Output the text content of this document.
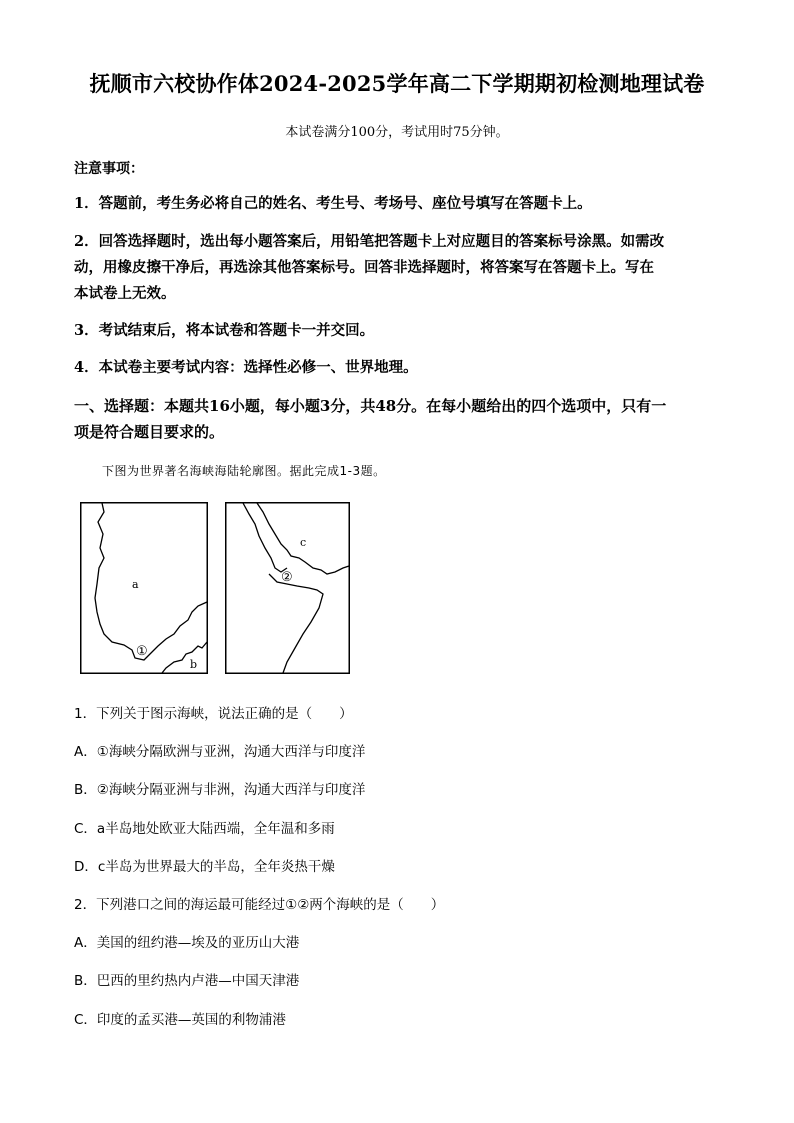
抚顺市六校协作体2024-2025学年高二下学期期初检测地理试卷
本试卷满分100分，考试用时75分钟。
注意事项：
1．答题前，考生务必将自己的姓名、考生号、考场号、座位号填写在答题卡上。
2．回答选择题时，选出每小题答案后，用铅笔把答题卡上对应题目的答案标号涂黑。如需改
动，用橡皮擦干净后，再选涂其他答案标号。回答非选择题时，将答案写在答题卡上。写在
本试卷上无效。
3．考试结束后，将本试卷和答题卡一并交回。
4．本试卷主要考试内容：选择性必修一、世界地理。
一、选择题：本题共16小题，每小题3分，共48分。在每小题给出的四个选项中，只有一
项是符合题目要求的。
下图为世界著名海峡海陆轮廓图。据此完成1-3题。
a
b
①
c
②
1．下列关于图示海峡，说法正确的是（　　）
A．①海峡分隔欧洲与亚洲，沟通大西洋与印度洋
B．②海峡分隔亚洲与非洲，沟通大西洋与印度洋
C．a半岛地处欧亚大陆西端，全年温和多雨
D．c半岛为世界最大的半岛，全年炎热干燥
2．下列港口之间的海运最可能经过①②两个海峡的是（　　）
A．美国的纽约港—埃及的亚历山大港
B．巴西的里约热内卢港—中国天津港
C．印度的孟买港—英国的利物浦港
